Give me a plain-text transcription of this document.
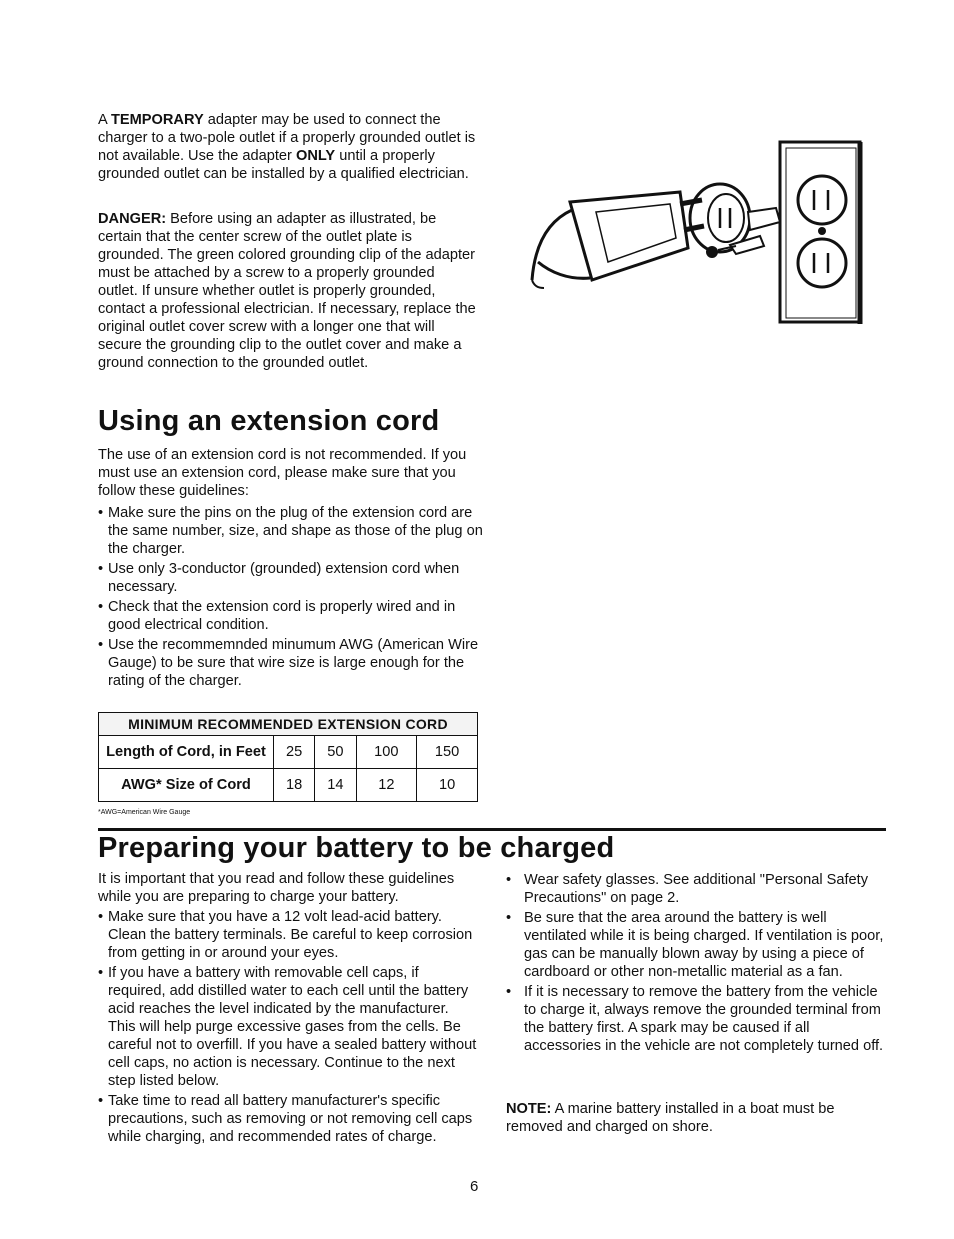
A TEMPORARY adapter may be used to connect the charger to a two-pole outlet if a properly grounded outlet is not available. Use the adapter ONLY until a properly grounded outlet can be installed by a qualified electrician.

DANGER: Before using an adapter as illustrated, be certain that the center screw of the outlet plate is grounded. The green colored grounding clip of the adapter must be attached by a screw to a properly grounded outlet. If unsure whether outlet is properly grounded, contact a professional electrician. If necessary, replace the original outlet cover screw with a longer one that will secure the grounding clip to the outlet cover and make a ground connection to the grounded outlet.

Using an extension cord

The use of an extension cord is not recommended. If you must use an extension cord, please make sure that you follow these guidelines:

• Make sure the pins on the plug of the extension cord are the same number, size, and shape as those of the plug on the charger.
• Use only 3-conductor (grounded) extension cord when necessary.
• Check that the extension cord is properly wired and in good electrical condition.
• Use the recommemnded minumum AWG (American Wire Gauge) to be sure that wire size is large enough for the rating of the charger.
MINIMUM RECOMMENDED EXTENSION CORD				
Length of Cord, in Feet	25	50	100	150
AWG* Size of Cord	18	14	12	10
*AWG=American Wire Gauge
Preparing your battery to be charged

It is important that you read and follow these guidelines while you are preparing to charge your battery.

• Make sure that you have a 12 volt lead-acid battery. Clean the battery terminals. Be careful to keep corrosion from getting in or around your eyes.
• If you have a battery with removable cell caps, if required, add distilled water to each cell until the battery acid reaches the level indicated by the manufacturer. This will help purge excessive gases from the cells. Be careful not to overfill. If you have a sealed battery without cell caps, no action is necessary. Continue to the next step listed below.
• Take time to read all battery manufacturer's specific precautions, such as removing or not removing cell caps while charging, and recommended rates of charge.
• Wear safety glasses. See additional "Personal Safety Precautions" on page 2.
• Be sure that the area around the battery is well ventilated while it is being charged. If ventilation is poor, gas can be manually blown away by using a piece of cardboard or other non-metallic material as a fan.
• If it is necessary to remove the battery from the vehicle to charge it, always remove the grounded terminal from the battery first. A spark may be caused if all accessories in the vehicle are not completely turned off.

NOTE: A marine battery installed in a boat must be removed and charged on shore.

6
